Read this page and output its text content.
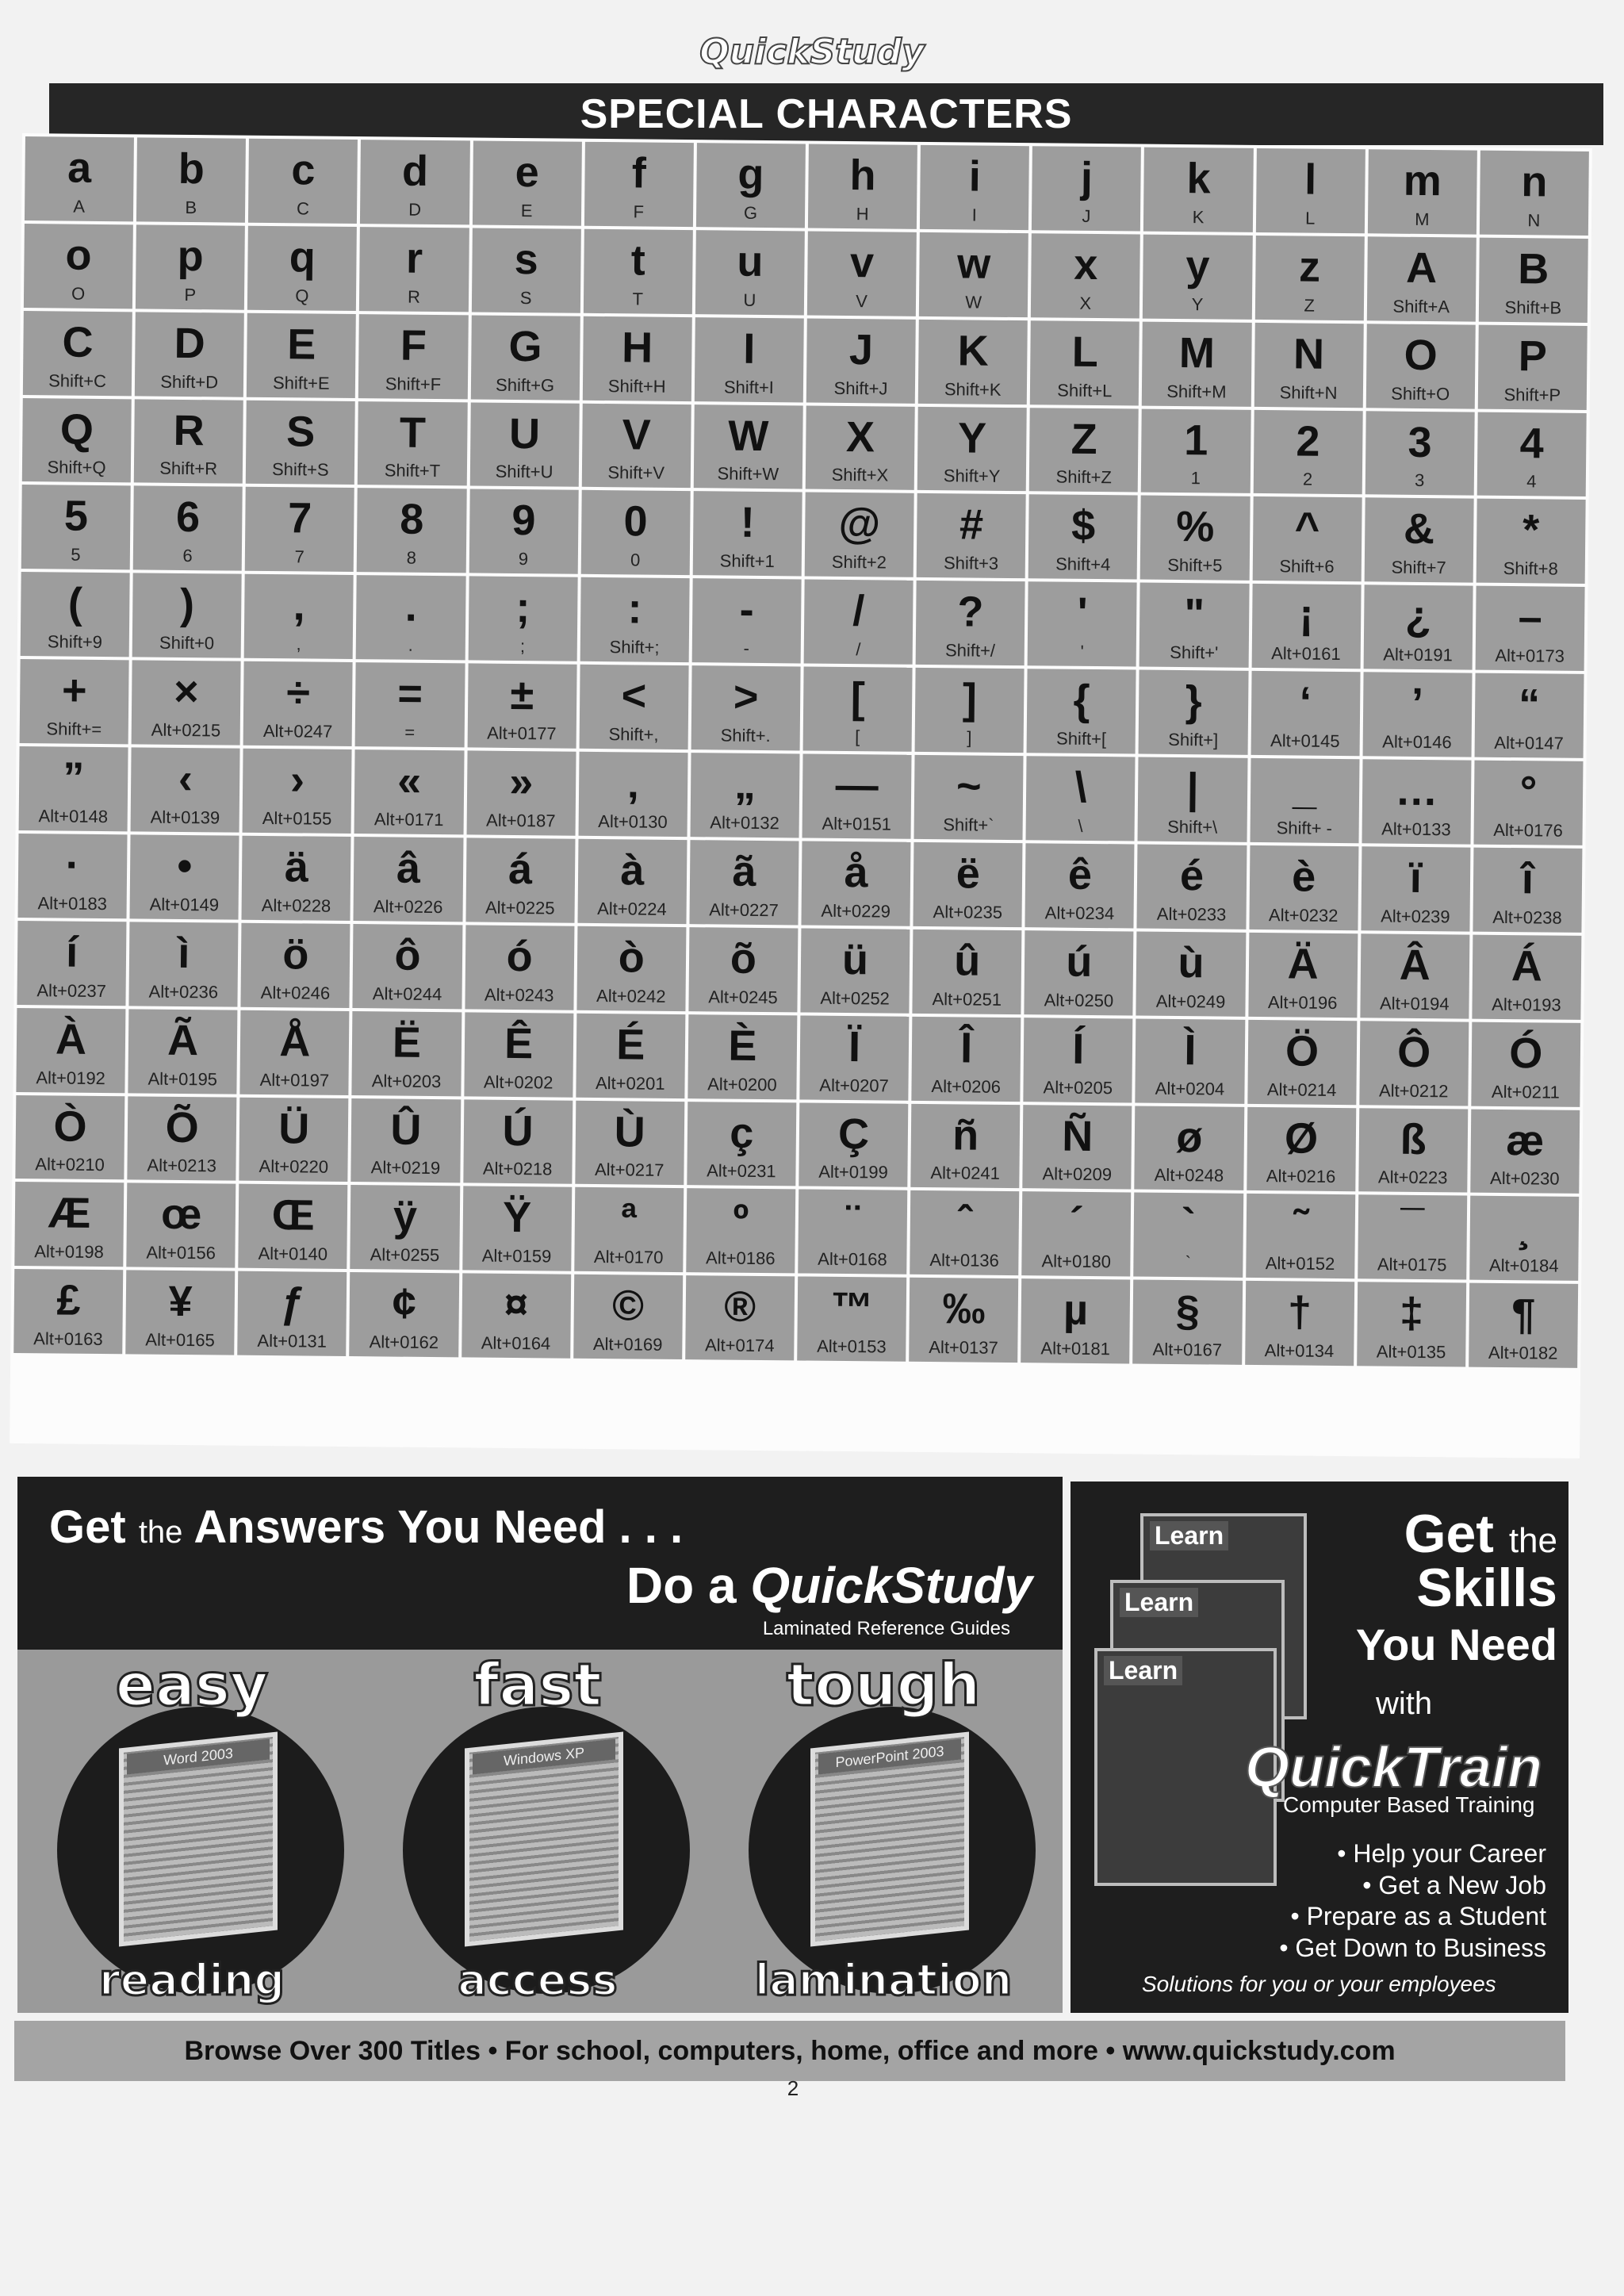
QuickStudy
SPECIAL CHARACTERS
a
A
b
B
c
C
d
D
e
E
f
F
g
G
h
H
i
I
j
J
k
K
l
L
m
M
n
N
o
O
p
P
q
Q
r
R
s
S
t
T
u
U
v
V
w
W
x
X
y
Y
z
Z
A
Shift+A
B
Shift+B
C
Shift+C
D
Shift+D
E
Shift+E
F
Shift+F
G
Shift+G
H
Shift+H
I
Shift+I
J
Shift+J
K
Shift+K
L
Shift+L
M
Shift+M
N
Shift+N
O
Shift+O
P
Shift+P
Q
Shift+Q
R
Shift+R
S
Shift+S
T
Shift+T
U
Shift+U
V
Shift+V
W
Shift+W
X
Shift+X
Y
Shift+Y
Z
Shift+Z
1
1
2
2
3
3
4
4
5
5
6
6
7
7
8
8
9
9
0
0
!
Shift+1
@
Shift+2
#
Shift+3
$
Shift+4
%
Shift+5
^
Shift+6
&
Shift+7
*
Shift+8
(
Shift+9
)
Shift+0
,
,
.
.
;
;
:
Shift+;
-
-
/
/
?
Shift+/
'
'
"
Shift+'
¡
Alt+0161
¿
Alt+0191
–
Alt+0173
+
Shift+=
×
Alt+0215
÷
Alt+0247
=
=
±
Alt+0177
<
Shift+,
>
Shift+.
[
[
]
]
{
Shift+[
}
Shift+]
‘
Alt+0145
’
Alt+0146
“
Alt+0147
”
Alt+0148
‹
Alt+0139
›
Alt+0155
«
Alt+0171
»
Alt+0187
‚
Alt+0130
„
Alt+0132
—
Alt+0151
~
Shift+`
\
\
|
Shift+\
_
Shift+ -
…
Alt+0133
°
Alt+0176
·
Alt+0183
•
Alt+0149
ä
Alt+0228
â
Alt+0226
á
Alt+0225
à
Alt+0224
ã
Alt+0227
å
Alt+0229
ë
Alt+0235
ê
Alt+0234
é
Alt+0233
è
Alt+0232
ï
Alt+0239
î
Alt+0238
í
Alt+0237
ì
Alt+0236
ö
Alt+0246
ô
Alt+0244
ó
Alt+0243
ò
Alt+0242
õ
Alt+0245
ü
Alt+0252
û
Alt+0251
ú
Alt+0250
ù
Alt+0249
Ä
Alt+0196
Â
Alt+0194
Á
Alt+0193
À
Alt+0192
Ã
Alt+0195
Å
Alt+0197
Ë
Alt+0203
Ê
Alt+0202
É
Alt+0201
È
Alt+0200
Ï
Alt+0207
Î
Alt+0206
Í
Alt+0205
Ì
Alt+0204
Ö
Alt+0214
Ô
Alt+0212
Ó
Alt+0211
Ò
Alt+0210
Õ
Alt+0213
Ü
Alt+0220
Û
Alt+0219
Ú
Alt+0218
Ù
Alt+0217
ç
Alt+0231
Ç
Alt+0199
ñ
Alt+0241
Ñ
Alt+0209
ø
Alt+0248
Ø
Alt+0216
ß
Alt+0223
æ
Alt+0230
Æ
Alt+0198
œ
Alt+0156
Œ
Alt+0140
ÿ
Alt+0255
Ÿ
Alt+0159
ª
Alt+0170
º
Alt+0186
¨
Alt+0168
ˆ
Alt+0136
´
Alt+0180
`
`
˜
Alt+0152
¯
Alt+0175
¸
Alt+0184
£
Alt+0163
¥
Alt+0165
ƒ
Alt+0131
¢
Alt+0162
¤
Alt+0164
©
Alt+0169
®
Alt+0174
™
Alt+0153
‰
Alt+0137
µ
Alt+0181
§
Alt+0167
†
Alt+0134
‡
Alt+0135
¶
Alt+0182
Get the Answers You Need . . .
Do a QuickStudy
Laminated Reference Guides
Word 2003
easy
reading
Windows XP
fast
access
PowerPoint 2003
tough
lamination
Learn
Learn
Learn
Get the
Skills
You Need
with
QuickTrain
Computer Based Training
• Help your Career
• Get a New Job
• Prepare as a Student
• Get Down to Business
Solutions for you or your employees
Browse Over 300 Titles • For school, computers, home, office and more • www.quickstudy.com
2
